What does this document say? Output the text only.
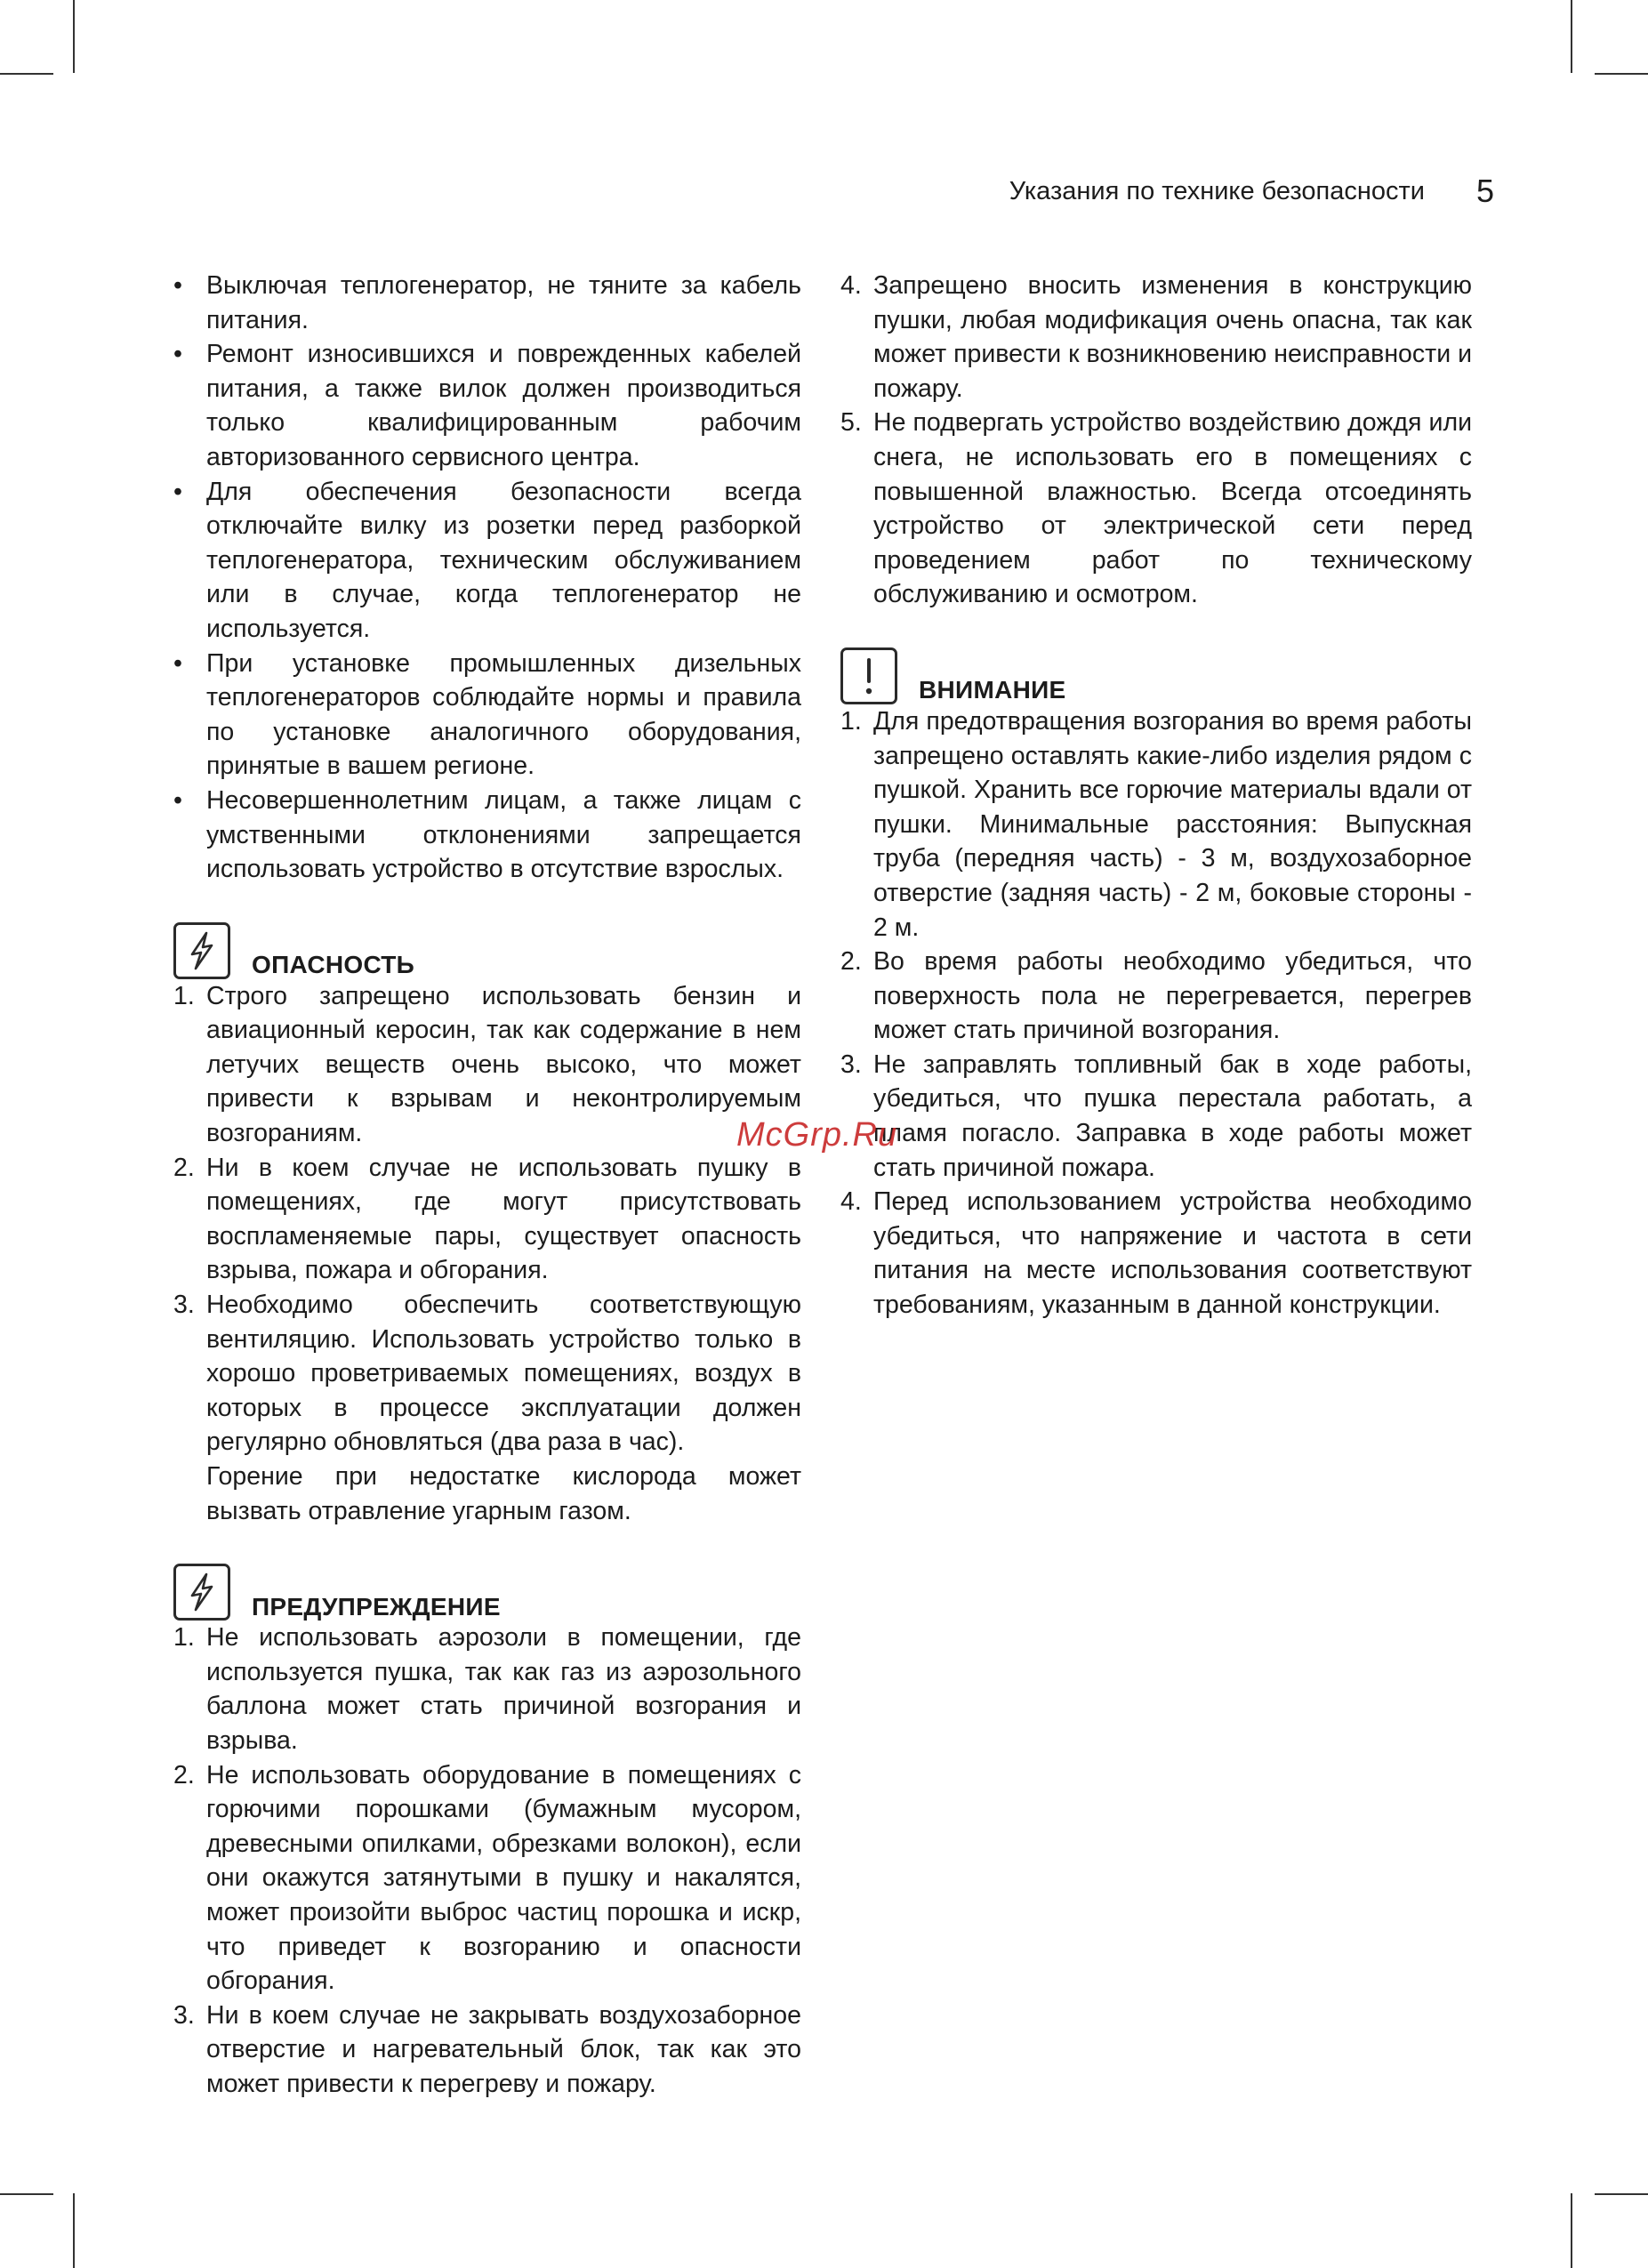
Указания по технике безопасности 5
• Выключая теплогенератор, не тяните за кабель питания.
• Ремонт износившихся и поврежденных кабелей питания, а также вилок должен производиться только квалифицированным рабочим авторизованного сервисного центра.
• Для обеспечения безопасности всегда отключайте вилку из розетки перед разборкой теплогенератора, техническим обслуживанием или в случае, когда теплогенератор не используется.
• При установке промышленных дизельных теплогенераторов соблюдайте нормы и правила по установке аналогичного оборудования, принятые в вашем регионе.
• Несовершеннолетним лицам, а также лицам с умственными отклонениями запрещается использовать устройство в отсутствие взрослых.
ОПАСНОСТЬ
1. Строго запрещено использовать бензин и авиационный керосин, так как содержание в нем летучих веществ очень высоко, что может привести к взрывам и неконтролируемым возгораниям.
2. Ни в коем случае не использовать пушку в помещениях, где могут присутствовать воспламеняемые пары, существует опасность взрыва, пожара и обгорания.
3. Необходимо обеспечить соответствующую вентиляцию. Использовать устройство только в хорошо проветриваемых помещениях, воздух в которых в процессе эксплуатации должен регулярно обновляться (два раза в час).
Горение при недостатке кислорода может вызвать отравление угарным газом.
ПРЕДУПРЕЖДЕНИЕ
1. Не использовать аэрозоли в помещении, где используется пушка, так как газ из аэрозольного баллона может стать причиной возгорания и взрыва.
2. Не использовать оборудование в помещениях с горючими порошками (бумажным мусором, древесными опилками, обрезками волокон), если они окажутся затянутыми в пушку и накалятся, может произойти выброс частиц порошка и искр, что приведет к возгоранию и опасности обгорания.
3. Ни в коем случае не закрывать воздухозаборное отверстие и нагревательный блок, так как это может привести к перегреву и пожару.
4. Запрещено вносить изменения в конструкцию пушки, любая модификация очень опасна, так как может привести к возникновению неисправности и пожару.
5. Не подвергать устройство воздействию дождя или снега, не использовать его в помещениях с повышенной влажностью. Всегда отсоединять устройство от электрической сети перед проведением работ по техническому обслуживанию и осмотром.
ВНИМАНИЕ
1. Для предотвращения возгорания во время работы запрещено оставлять какие-либо изделия рядом с пушкой. Хранить все горючие материалы вдали от пушки. Минимальные расстояния: Выпускная труба (передняя часть) - 3 м, воздухозаборное отверстие (задняя часть) - 2 м, боковые стороны - 2 м.
2. Во время работы необходимо убедиться, что поверхность пола не перегревается, перегрев может стать причиной возгорания.
3. Не заправлять топливный бак в ходе работы, убедиться, что пушка перестала работать, а пламя погасло. Заправка в ходе работы может стать причиной пожара.
4. Перед использованием устройства необходимо убедиться, что напряжение и частота в сети питания на месте использования соответствуют требованиям, указанным в данной конструкции.
McGrp.Ru
